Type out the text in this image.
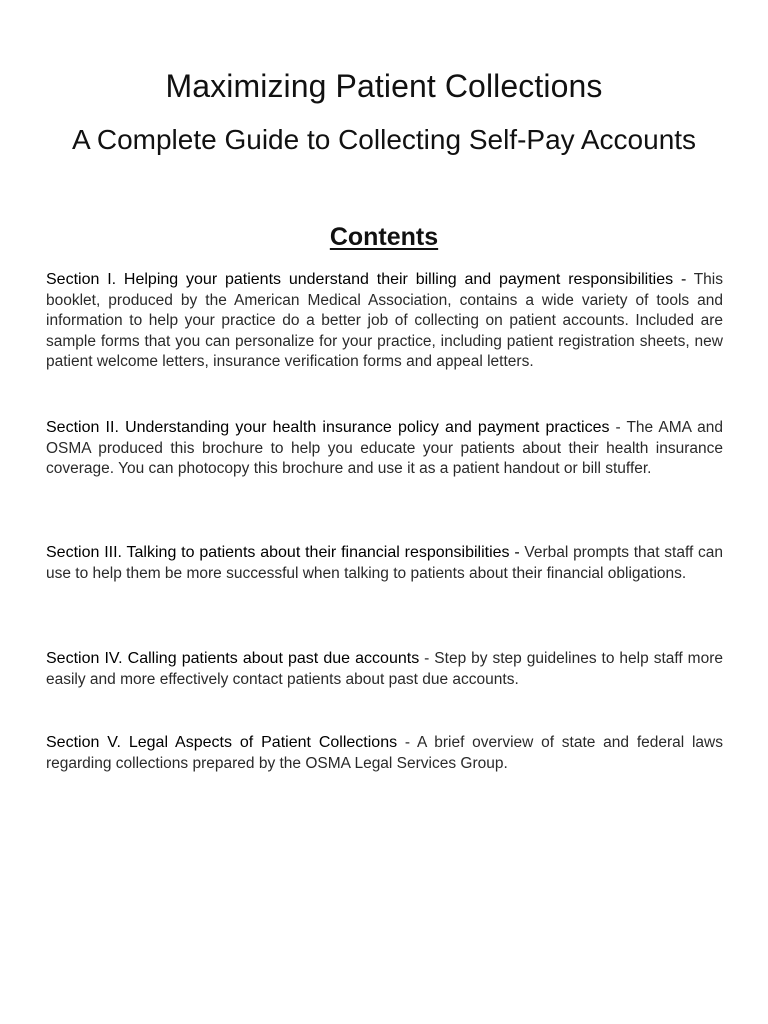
Maximizing Patient Collections
A Complete Guide to Collecting Self-Pay Accounts
Contents

Section I. Helping your patients understand their billing and payment responsibilities - This booklet, produced by the American Medical Association, contains a wide variety of tools and information to help your practice do a better job of collecting on patient accounts. Included are sample forms that you can personalize for your practice, including patient registration sheets, new patient welcome letters, insurance verification forms and appeal letters.

Section II. Understanding your health insurance policy and payment practices - The AMA and OSMA produced this brochure to help you educate your patients about their health insurance coverage. You can photocopy this brochure and use it as a patient handout or bill stuffer.

Section III. Talking to patients about their financial responsibilities - Verbal prompts that staff can use to help them be more successful when talking to patients about their financial obligations.

Section IV. Calling patients about past due accounts - Step by step guidelines to help staff more easily and more effectively contact patients about past due accounts.

Section V. Legal Aspects of Patient Collections - A brief overview of state and federal laws regarding collections prepared by the OSMA Legal Services Group.
